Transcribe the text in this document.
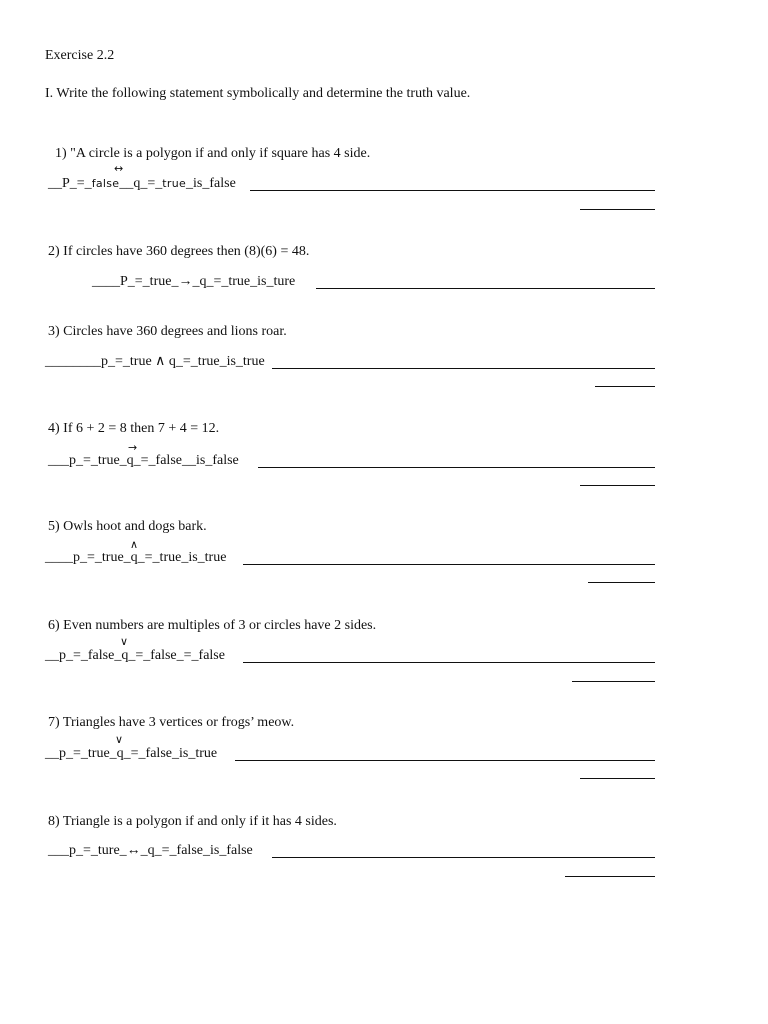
Exercise 2.2
I. Write the following statement symbolically and determine the truth value.
1) "A circle is a polygon if and only if square has 4 side.
↔
__P_=_false__q_=_true_is_false
2) If circles have 360 degrees then (8)(6) = 48.
____P_=_true_→_q_=_true_is_ture
3) Circles have 360 degrees and lions roar.
________p_=_true ∧ q_=_true_is_true
4) If 6 + 2 = 8 then 7 + 4 = 12.
→
___p_=_true_q_=_false__is_false
5) Owls hoot and dogs bark.
∧
____p_=_true_q_=_true_is_true
6) Even numbers are multiples of 3 or circles have 2 sides.
∨
__p_=_false_q_=_false_=_false
7) Triangles have 3 vertices or frogs’ meow.
∨
__p_=_true_q_=_false_is_true
8) Triangle is a polygon if and only if it has 4 sides.
___p_=_ture_↔_q_=_false_is_false
